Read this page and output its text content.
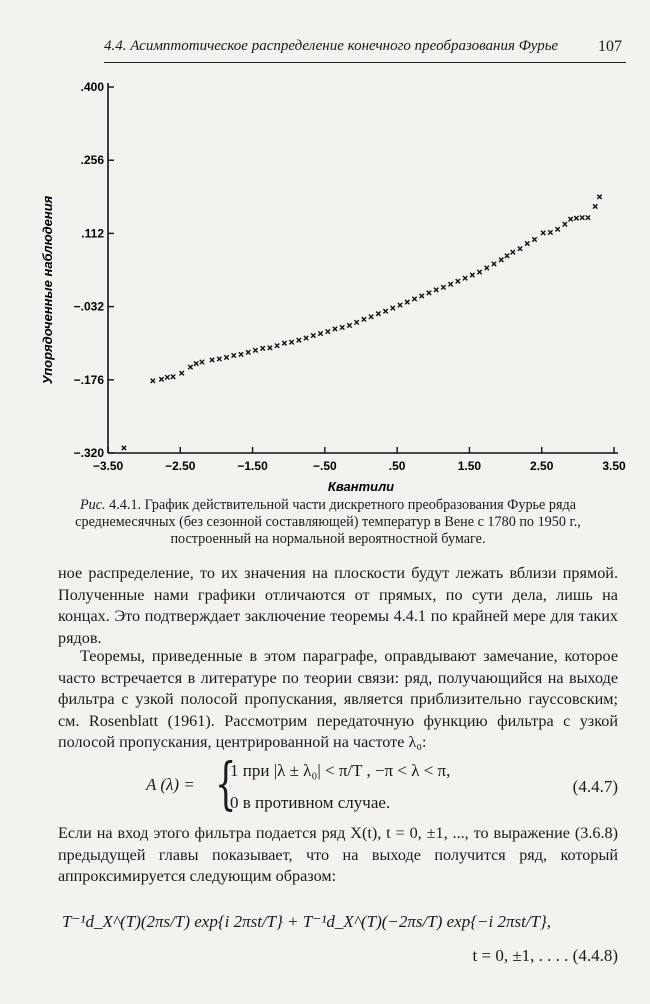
4.4. Асимптотическое распределение конечного преобразования Фурье 107
−3.50	−2.50	−1.50	−.50	.50	1.50	2.50	3.50
.400
.256
.112
−.032
−.176
−.320
Квантили
Упорядоченные наблюдения
Рис. 4.4.1. График действительной части дискретного преобразования Фурье ряда среднемесячных (без сезонной составляющей) температур в Вене с 1780 по 1950 г., построенный на нормальной вероятностной бумаге.

ное распределение, то их значения на плоскости будут лежать вблизи прямой. Полученные нами графики отличаются от прямых, по сути дела, лишь на концах. Это подтверждает заключение теоремы 4.4.1 по крайней мере для таких рядов.

Теоремы, приведенные в этом параграфе, оправдывают замечание, которое часто встречается в литературе по теории связи: ряд, получающийся на выходе фильтра с узкой полосой пропускания, является приблизительно гауссовским; см. Rosenblatt (1961). Рассмотрим передаточную функцию фильтра с узкой полосой пропускания, центрированной на частоте λ₀:

A (λ) = {
1 при |λ ± λ₀| < π/T , −π < λ < π,
0 в противном случае.
(4.4.7)

Если на вход этого фильтра подается ряд X(t), t = 0, ±1, ..., то выражение (3.6.8) предыдущей главы показывает, что на выходе получится ряд, который аппроксимируется следующим образом:

T⁻¹d_X^(T)(2πs/T) exp{i 2πst/T} + T⁻¹d_X^(T)(−2πs/T) exp{−i 2πst/T},
t = 0, ±1, . . . . (4.4.8)
